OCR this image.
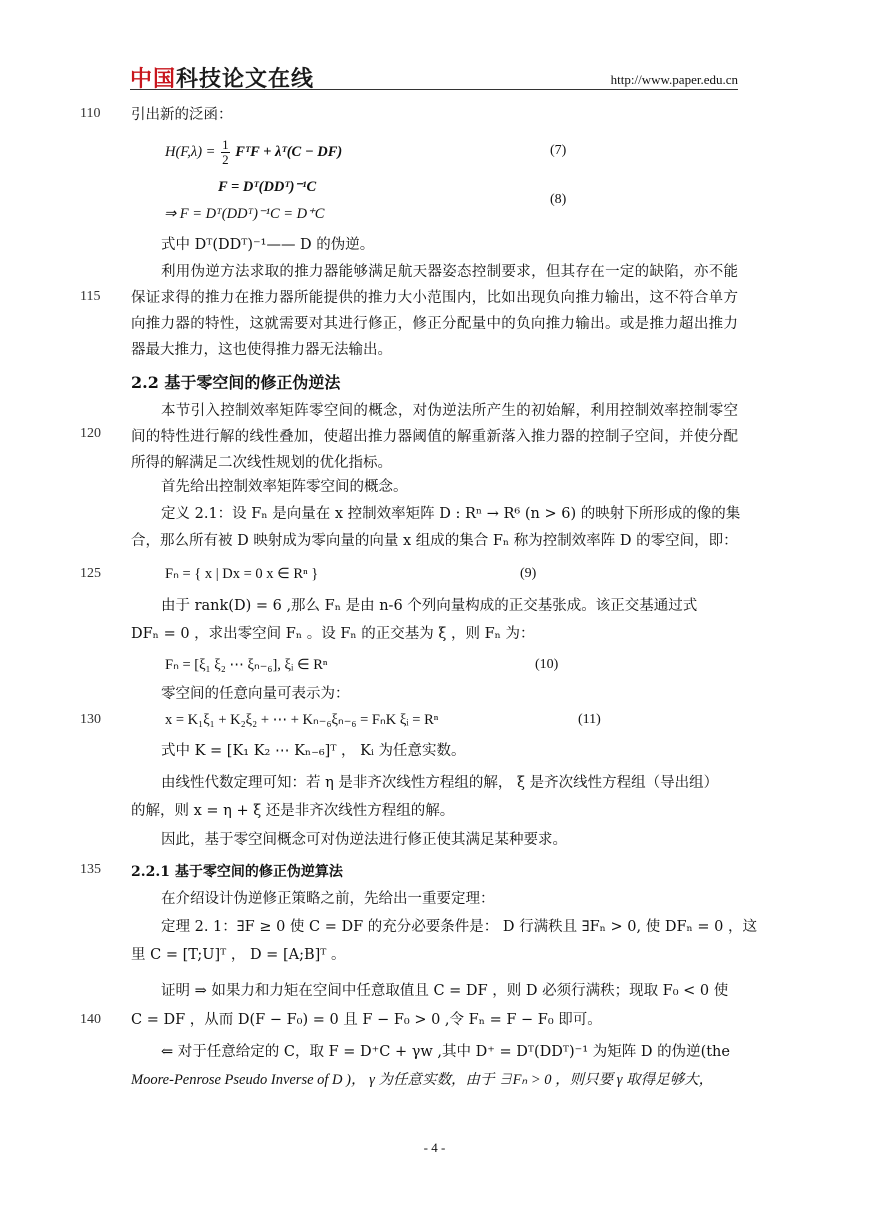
中国科技论文在线	http://www.paper.edu.cn
110
115
120
125
130
135
140
引出新的泛函：
$H(F,\lambda) = \frac{1}{2}$ FᵀF + λᵀ(C − DF)	(7)
F = Dᵀ(DDᵀ)⁻¹C
⇒ F = Dᵀ(DDᵀ)⁻¹C = D⁺C
(8)
式中 Dᵀ(DDᵀ)⁻¹—— D 的伪逆。
利用伪逆方法求取的推力器能够满足航天器姿态控制要求，但其存在一定的缺陷，亦不能保证求得的推力在推力器所能提供的推力大小范围内，比如出现负向推力输出，这不符合单方向推力器的特性，这就需要对其进行修正，修正分配量中的负向推力输出。或是推力超出推力器最大推力，这也使得推力器无法输出。
2.2 基于零空间的修正伪逆法
本节引入控制效率矩阵零空间的概念，对伪逆法所产生的初始解，利用控制效率控制零空间的特性进行解的线性叠加，使超出推力器阈值的解重新落入推力器的控制子空间，并使分配所得的解满足二次线性规划的优化指标。
首先给出控制效率矩阵零空间的概念。
定义 2.1：设 Fₙ 是向量在 x 控制效率矩阵 D : Rⁿ → R⁶ (n > 6) 的映射下所形成的像的集
合，那么所有被 D 映射成为零向量的向量 x 组成的集合 Fₙ 称为控制效率阵 D 的零空间，即：
Fₙ = { x | Dx = 0 x ∈ Rⁿ }	(9)
由于 rank(D) = 6 ,那么 Fₙ 是由 n-6 个列向量构成的正交基张成。该正交基通过式
DFₙ = 0 ，求出零空间 Fₙ 。设 Fₙ 的正交基为 ξ ，则 Fₙ 为：
Fₙ = [ξ₁ ξ₂ ⋯ ξₙ₋₆], ξᵢ ∈ Rⁿ	(10)
零空间的任意向量可表示为：
x = K₁ξ₁ + K₂ξ₂ + ⋯ + Kₙ₋₆ξₙ₋₆ = FₙK ξᵢ = Rⁿ	(11)
式中 K = [K₁ K₂ ⋯ Kₙ₋₆]ᵀ ， Kᵢ 为任意实数。
由线性代数定理可知：若 η 是非齐次线性方程组的解， ξ 是齐次线性方程组（导出组）
的解，则 x = η + ξ 还是非齐次线性方程组的解。
因此，基于零空间概念可对伪逆法进行修正使其满足某种要求。
2.2.1 基于零空间的修正伪逆算法
在介绍设计伪逆修正策略之前，先给出一重要定理：
定理 2. 1：∃F ≥ 0 使 C = DF 的充分必要条件是： D 行满秩且 ∃Fₙ > 0, 使 DFₙ = 0 ，这
里 C = [T;U]ᵀ ， D = [A;B]ᵀ 。
证明 ⇒ 如果力和力矩在空间中任意取值且 C = DF ，则 D 必须行满秩；现取 F₀ < 0 使
C = DF ，从而 D(F − F₀) = 0 且 F − F₀ > 0 ,令 Fₙ = F − F₀ 即可。
⇐ 对于任意给定的 C，取 F = D⁺C + γw ,其中 D⁺ = Dᵀ(DDᵀ)⁻¹ 为矩阵 D 的伪逆(the
Moore-Penrose Pseudo Inverse of D )， γ 为任意实数，由于 ∃Fₙ > 0 ，则只要 γ 取得足够大，
- 4 -
